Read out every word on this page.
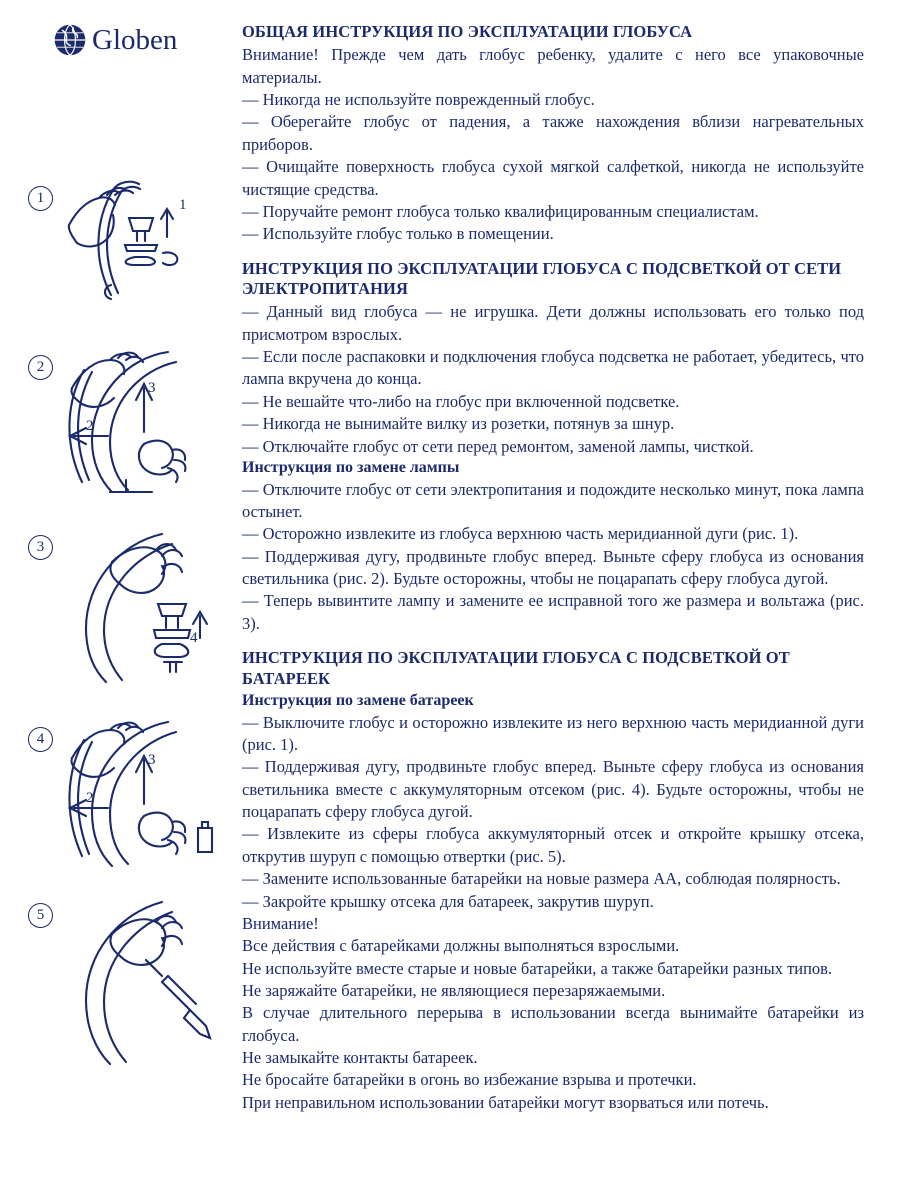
Globen
1	1
2
3
2
3
4
4
3
2
5
ОБЩАЯ ИНСТРУКЦИЯ ПО ЭКСПЛУАТАЦИИ ГЛОБУСА

Внимание! Прежде чем дать глобус ребенку, удалите с него все упаковочные материалы.

— Никогда не используйте поврежденный глобус.

— Оберегайте глобус от падения, а также нахождения вблизи нагревательных приборов.

— Очищайте поверхность глобуса сухой мягкой салфеткой, никогда не используйте чистящие средства.

— Поручайте ремонт глобуса только квалифицированным специалистам.

— Используйте глобус только в помещении.

ИНСТРУКЦИЯ ПО ЭКСПЛУАТАЦИИ ГЛОБУСА С ПОДСВЕТКОЙ ОТ СЕТИ ЭЛЕКТРОПИТАНИЯ

— Данный вид глобуса — не игрушка. Дети должны использовать его только под присмотром взрослых.

— Если после распаковки и подключения глобуса подсветка не работает, убедитесь, что лампа вкручена до конца.

— Не вешайте что-либо на глобус при включенной подсветке.

— Никогда не вынимайте вилку из розетки, потянув за шнур.

— Отключайте глобус от сети перед ремонтом, заменой лампы, чисткой.

Инструкция по замене лампы

— Отключите глобус от сети электропитания и подождите несколько минут, пока лампа остынет.

— Осторожно извлеките из глобуса верхнюю часть меридианной дуги (рис. 1).

— Поддерживая дугу, продвиньте глобус вперед. Выньте сферу глобуса из основания светильника (рис. 2). Будьте осторожны, чтобы не поцарапать сферу глобуса дугой.

— Теперь вывинтите лампу и замените ее исправной того же размера и вольтажа (рис. 3).

ИНСТРУКЦИЯ ПО ЭКСПЛУАТАЦИИ ГЛОБУСА С ПОДСВЕТКОЙ ОТ БАТАРЕЕК
Инструкция по замене батареек

— Выключите глобус и осторожно извлеките из него верхнюю часть меридианной дуги (рис. 1).

— Поддерживая дугу, продвиньте глобус вперед. Выньте сферу глобуса из основания светильника вместе с аккумуляторным отсеком (рис. 4). Будьте осторожны, чтобы не поцарапать сферу глобуса дугой.

— Извлеките из сферы глобуса аккумуляторный отсек и откройте крышку отсека, открутив шуруп с помощью отвертки (рис. 5).

— Замените использованные батарейки на новые размера АА, соблюдая полярность.

— Закройте крышку отсека для батареек, закрутив шуруп.

Внимание!

Все действия с батарейками должны выполняться взрослыми.

Не используйте вместе старые и новые батарейки, а также батарейки разных типов.

Не заряжайте батарейки, не являющиеся перезаряжаемыми.

В случае длительного перерыва в использовании всегда вынимайте батарейки из глобуса.

Не замыкайте контакты батареек.

Не бросайте батарейки в огонь во избежание взрыва и протечки.

При неправильном использовании батарейки могут взорваться или потечь.
